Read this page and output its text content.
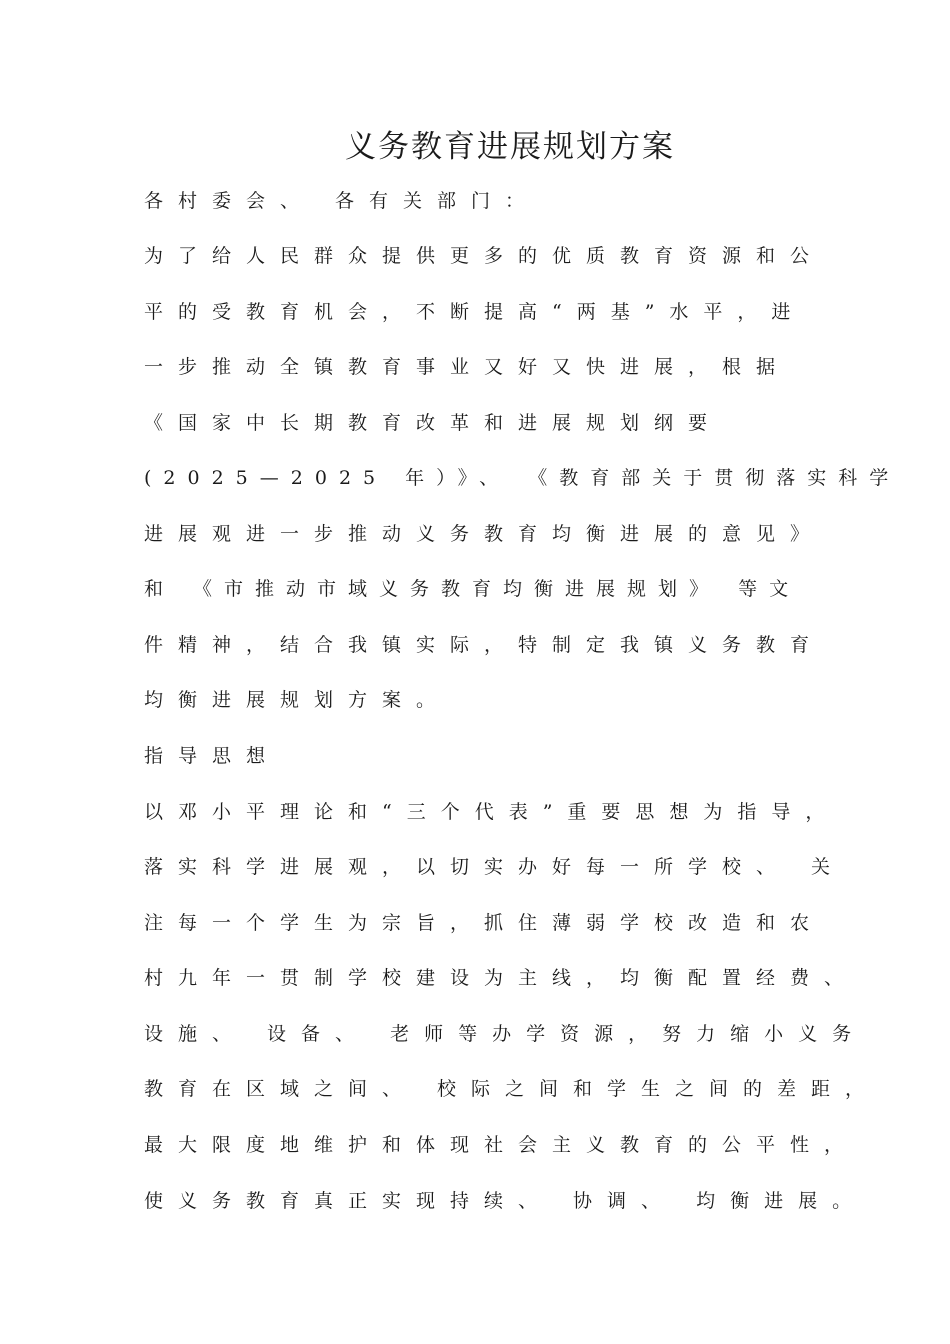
义务教育进展规划方案

各村委会、 各有关部门：

为了给人民群众提供更多的优质教育资源和公

平的受教育机会，不断提高“两基”水平，进

一步推动全镇教育事业又好又快进展，根据

《国家中长期教育改革和进展规划纲要

(2025—2025 年）》、 《教育部关于贯彻落实科学

进展观进一步推动义务教育均衡进展的意见》

和 《市推动市域义务教育均衡进展规划》 等文

件精神，结合我镇实际，特制定我镇义务教育

均衡进展规划方案。

指导思想

以邓小平理论和“三个代表”重要思想为指导，

落实科学进展观，以切实办好每一所学校、 关

注每一个学生为宗旨，抓住薄弱学校改造和农

村九年一贯制学校建设为主线，均衡配置经费、

设施、 设备、 老师等办学资源，努力缩小义务

教育在区域之间、 校际之间和学生之间的差距，

最大限度地维护和体现社会主义教育的公平性，

使义务教育真正实现持续、 协调、 均衡进展。
